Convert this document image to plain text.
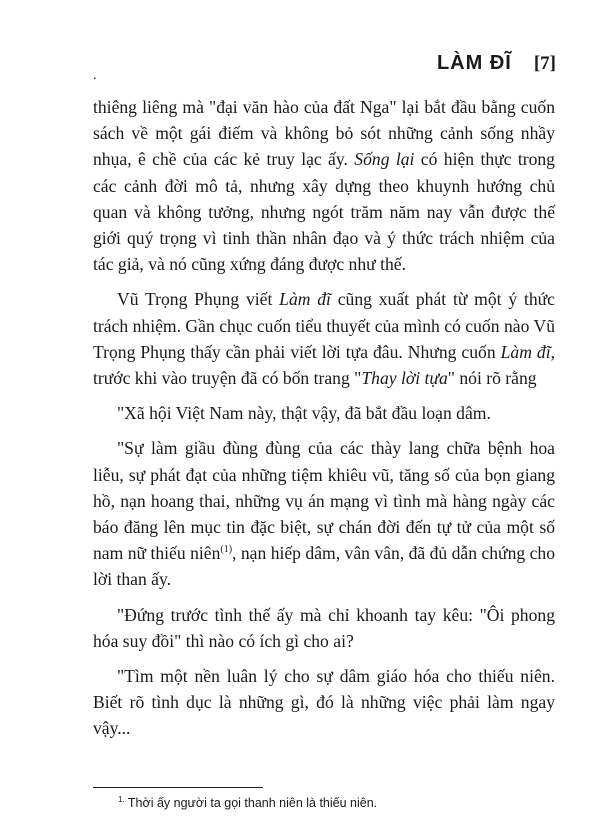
LÀM ĐĨ [7]
.

thiêng liêng mà "đại văn hào của đất Nga" lại bắt đầu bằng cuốn sách về một gái điếm và không bỏ sót những cảnh sống nhầy nhụa, ê chề của các kẻ truy lạc ấy. Sống lại có hiện thực trong các cảnh đời mô tả, nhưng xây dựng theo khuynh hướng chủ quan và không tưởng, nhưng ngót trăm năm nay vẫn được thế giới quý trọng vì tinh thần nhân đạo và ý thức trách nhiệm của tác giả, và nó cũng xứng đáng được như thế.

Vũ Trọng Phụng viết Làm đĩ cũng xuất phát từ một ý thức trách nhiệm. Gần chục cuốn tiểu thuyết của mình có cuốn nào Vũ Trọng Phụng thấy cần phải viết lời tựa đâu. Nhưng cuốn Làm đĩ, trước khi vào truyện đã có bốn trang "Thay lời tựa" nói rõ rằng

"Xã hội Việt Nam này, thật vậy, đã bắt đầu loạn dâm.

"Sự làm giầu đùng đùng của các thày lang chữa bệnh hoa liễu, sự phát đạt của những tiệm khiêu vũ, tăng số của bọn giang hồ, nạn hoang thai, những vụ án mạng vì tình mà hàng ngày các báo đăng lên mục tin đặc biệt, sự chán đời đến tự tử của một số nam nữ thiếu niên$^{(1)}$, nạn hiếp dâm, vân vân, đã đủ dẫn chứng cho lời than ấy.

"Đứng trước tình thế ấy mà chỉ khoanh tay kêu: "Ôi phong hóa suy đồi" thì nào có ích gì cho ai?

"Tìm một nền luân lý cho sự dâm giáo hóa cho thiếu niên. Biết rõ tình dục là những gì, đó là những việc phải làm ngay vậy...

$^{1.}$ Thời ấy người ta gọi thanh niên là thiếu niên.
